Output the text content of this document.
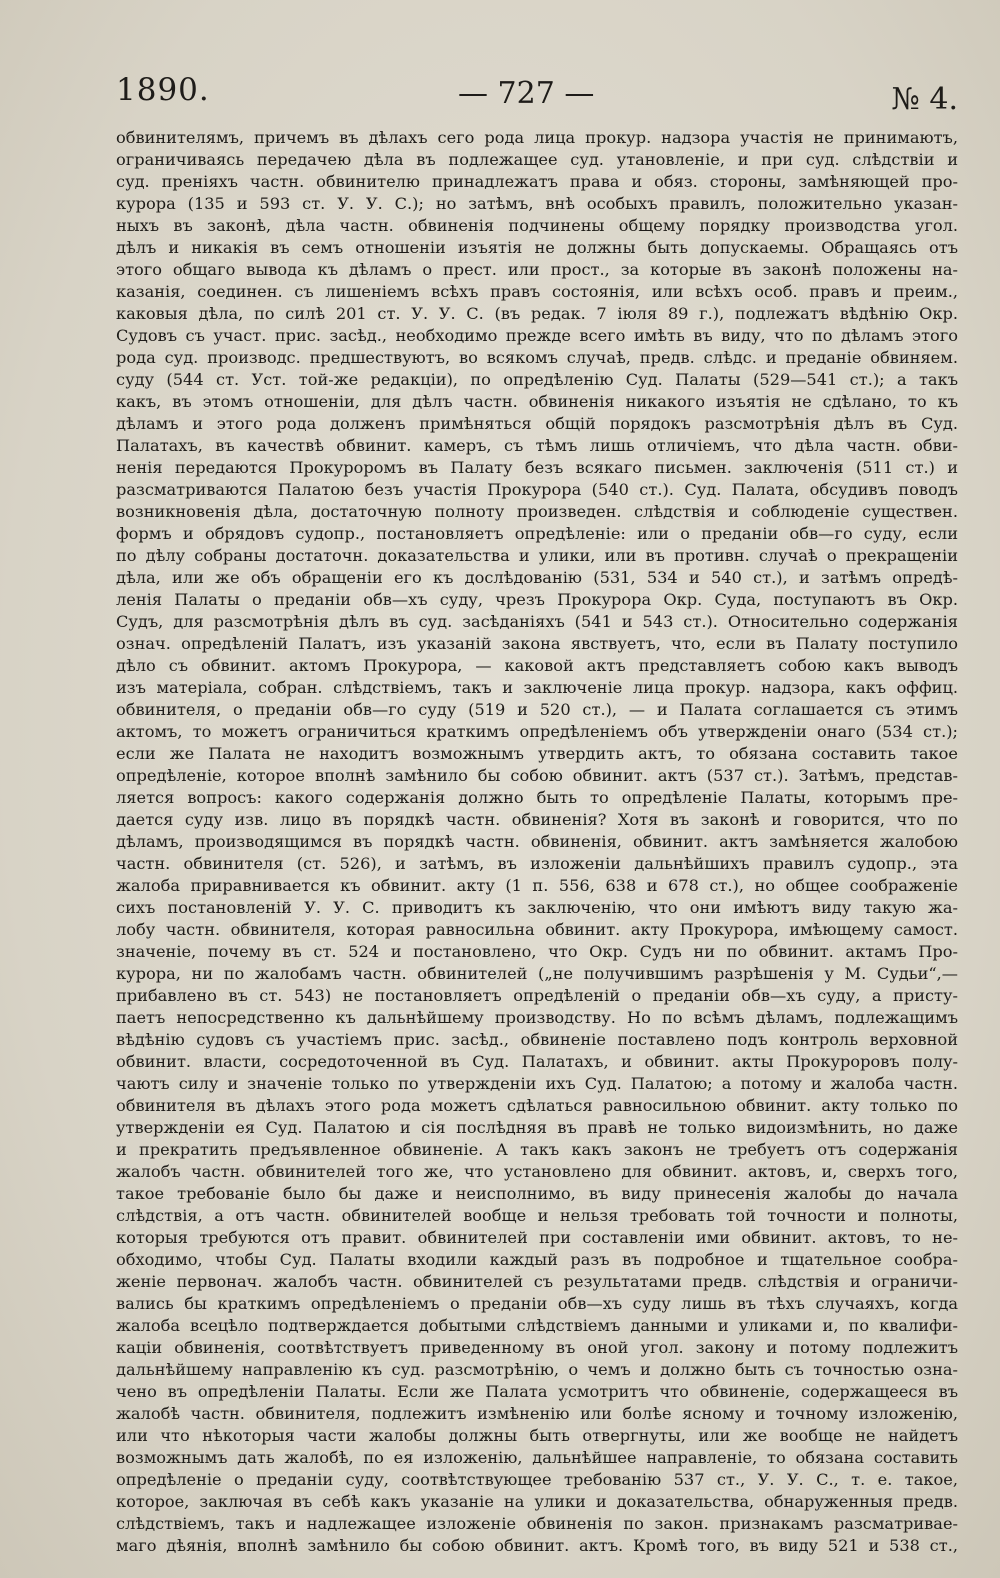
1890.	— 727 —	№ 4.
обвинителямъ, причемъ въ дѣлахъ сего рода лица прокур. надзора участія не принимаютъ,
ограничиваясь передачею дѣла въ подлежащее суд. утановленіе, и при суд. слѣдствіи и
суд. преніяхъ частн. обвинителю принадлежатъ права и обяз. стороны, замѣняющей про-
курора (135 и 593 ст. У. У. С.); но затѣмъ, внѣ особыхъ правилъ, положительно указан-
ныхъ въ законѣ, дѣла частн. обвиненія подчинены общему порядку производства угол.
дѣлъ и никакія въ семъ отношеніи изъятія не должны быть допускаемы. Обращаясь отъ
этого общаго вывода къ дѣламъ о прест. или прост., за которые въ законѣ положены на-
казанія, соединен. съ лишеніемъ всѣхъ правъ состоянія, или всѣхъ особ. правъ и преим.,
каковыя дѣла, по силѣ 201 ст. У. У. С. (въ редак. 7 іюля 89 г.), подлежатъ вѣдѣнію Окр.
Судовъ съ участ. прис. засѣд., необходимо прежде всего имѣть въ виду, что по дѣламъ этого
рода суд. производс. предшествуютъ, во всякомъ случаѣ, предв. слѣдс. и преданіе обвиняем.
суду (544 ст. Уст. той-же редакціи), по опредѣленію Суд. Палаты (529—541 ст.); а такъ
какъ, въ этомъ отношеніи, для дѣлъ частн. обвиненія никакого изъятія не сдѣлано, то къ
дѣламъ и этого рода долженъ примѣняться общій порядокъ разсмотрѣнія дѣлъ въ Суд.
Палатахъ, въ качествѣ обвинит. камеръ, съ тѣмъ лишь отличіемъ, что дѣла частн. обви-
ненія передаются Прокуроромъ въ Палату безъ всякаго письмен. заключенія (511 ст.) и
разсматриваются Палатою безъ участія Прокурора (540 ст.). Суд. Палата, обсудивъ поводъ
возникновенія дѣла, достаточную полноту произведен. слѣдствія и соблюденіе существен.
формъ и обрядовъ судопр., постановляетъ опредѣленіе: или о преданіи обв—го суду, если
по дѣлу собраны достаточн. доказательства и улики, или въ противн. случаѣ о прекращеніи
дѣла, или же объ обращеніи его къ дослѣдованію (531, 534 и 540 ст.), и затѣмъ опредѣ-
ленія Палаты о преданіи обв—хъ суду, чрезъ Прокурора Окр. Суда, поступаютъ въ Окр.
Судъ, для разсмотрѣнія дѣлъ въ суд. засѣданіяхъ (541 и 543 ст.). Относительно содержанія
означ. опредѣленій Палатъ, изъ указаній закона явствуетъ, что, если въ Палату поступило
дѣло съ обвинит. актомъ Прокурора, — каковой актъ представляетъ собою какъ выводъ
изъ матеріала, собран. слѣдствіемъ, такъ и заключеніе лица прокур. надзора, какъ оффиц.
обвинителя, о преданіи обв—го суду (519 и 520 ст.), — и Палата соглашается съ этимъ
актомъ, то можетъ ограничиться краткимъ опредѣленіемъ объ утвержденіи онаго (534 ст.);
если же Палата не находитъ возможнымъ утвердить актъ, то обязана составить такое
опредѣленіе, которое вполнѣ замѣнило бы собою обвинит. актъ (537 ст.). Затѣмъ, представ-
ляется вопросъ: какого содержанія должно быть то опредѣленіе Палаты, которымъ пре-
дается суду изв. лицо въ порядкѣ частн. обвиненія? Хотя въ законѣ и говорится, что по
дѣламъ, производящимся въ порядкѣ частн. обвиненія, обвинит. актъ замѣняется жалобою
частн. обвинителя (ст. 526), и затѣмъ, въ изложеніи дальнѣйшихъ правилъ судопр., эта
жалоба приравнивается къ обвинит. акту (1 п. 556, 638 и 678 ст.), но общее соображеніе
сихъ постановленій У. У. С. приводитъ къ заключенію, что они имѣютъ виду такую жа-
лобу частн. обвинителя, которая равносильна обвинит. акту Прокурора, имѣющему самост.
значеніе, почему въ ст. 524 и постановлено, что Окр. Судъ ни по обвинит. актамъ Про-
курора, ни по жалобамъ частн. обвинителей („не получившимъ разрѣшенія у М. Судьи“,—
прибавлено въ ст. 543) не постановляетъ опредѣленій о преданіи обв—хъ суду, а присту-
паетъ непосредственно къ дальнѣйшему производству. Но по всѣмъ дѣламъ, подлежащимъ
вѣдѣнію судовъ съ участіемъ прис. засѣд., обвиненіе поставлено подъ контроль верховной
обвинит. власти, сосредоточенной въ Суд. Палатахъ, и обвинит. акты Прокуроровъ полу-
чаютъ силу и значеніе только по утвержденіи ихъ Суд. Палатою; а потому и жалоба частн.
обвинителя въ дѣлахъ этого рода можетъ сдѣлаться равносильною обвинит. акту только по
утвержденіи ея Суд. Палатою и сія послѣдняя въ правѣ не только видоизмѣнить, но даже
и прекратить предъявленное обвиненіе. А такъ какъ законъ не требуетъ отъ содержанія
жалобъ частн. обвинителей того же, что установлено для обвинит. актовъ, и, сверхъ того,
такое требованіе было бы даже и неисполнимо, въ виду принесенія жалобы до начала
слѣдствія, а отъ частн. обвинителей вообще и нельзя требовать той точности и полноты,
которыя требуются отъ правит. обвинителей при составленіи ими обвинит. актовъ, то не-
обходимо, чтобы Суд. Палаты входили каждый разъ въ подробное и тщательное сообра-
женіе первонач. жалобъ частн. обвинителей съ результатами предв. слѣдствія и ограничи-
вались бы краткимъ опредѣленіемъ о преданіи обв—хъ суду лишь въ тѣхъ случаяхъ, когда
жалоба всецѣло подтверждается добытыми слѣдствіемъ данными и уликами и, по квалифи-
каціи обвиненія, соотвѣтствуетъ приведенному въ оной угол. закону и потому подлежитъ
дальнѣйшему направленію къ суд. разсмотрѣнію, о чемъ и должно быть съ точностью озна-
чено въ опредѣленіи Палаты. Если же Палата усмотритъ что обвиненіе, содержащееся въ
жалобѣ частн. обвинителя, подлежитъ измѣненію или болѣе ясному и точному изложенію,
или что нѣкоторыя части жалобы должны быть отвергнуты, или же вообще не найдетъ
возможнымъ дать жалобѣ, по ея изложенію, дальнѣйшее направленіе, то обязана составить
опредѣленіе о преданіи суду, соотвѣтствующее требованію 537 ст., У. У. С., т. е. такое,
которое, заключая въ себѣ какъ указаніе на улики и доказательства, обнаруженныя предв.
слѣдствіемъ, такъ и надлежащее изложеніе обвиненія по закон. признакамъ разсматривае-
маго дѣянія, вполнѣ замѣнило бы собою обвинит. актъ. Кромѣ того, въ виду 521 и 538 ст.,
